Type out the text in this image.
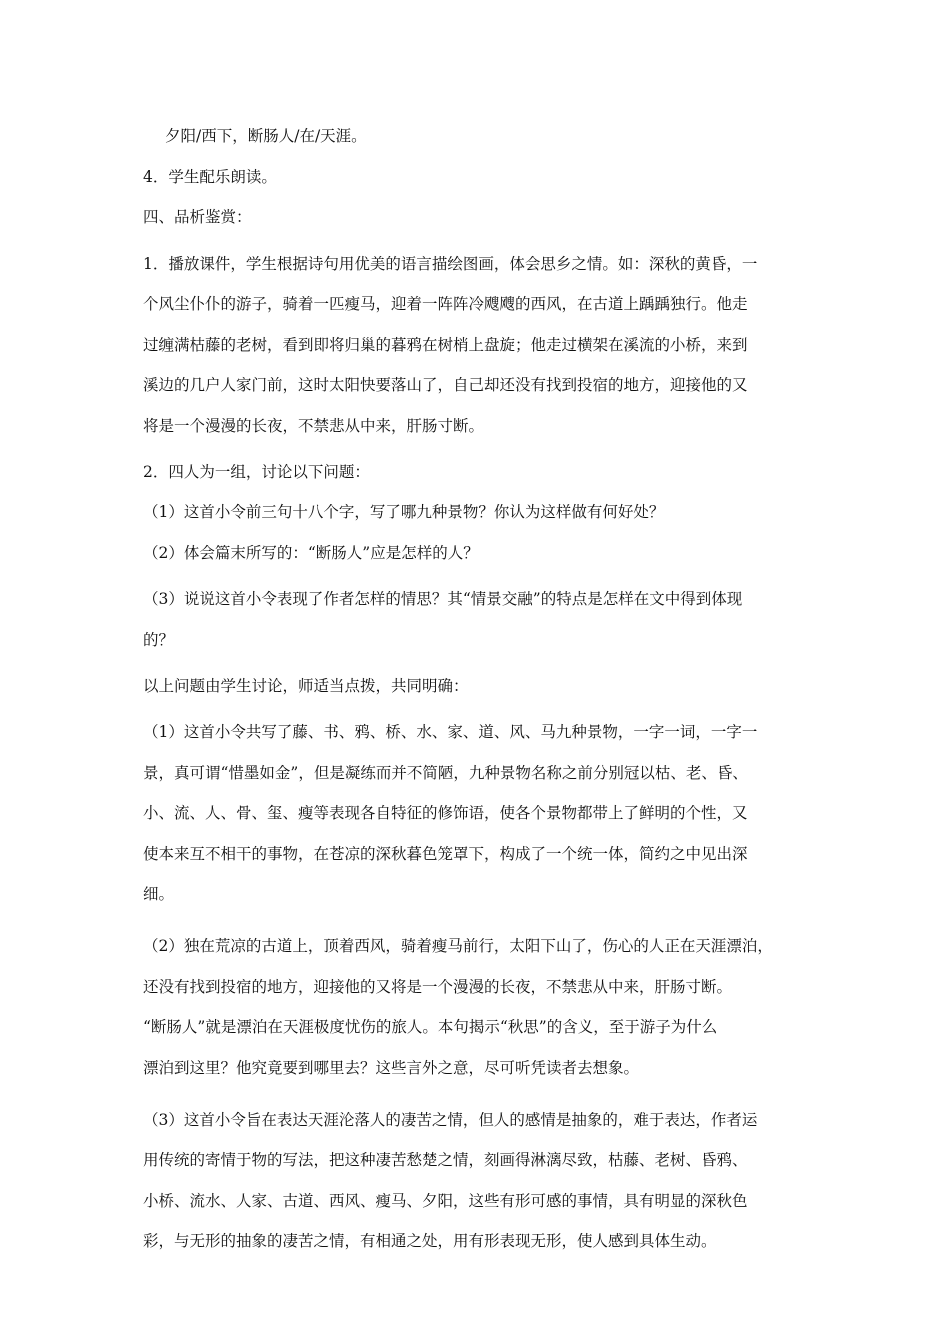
夕阳/西下，断肠人/在/天涯。
4．学生配乐朗读。
四、品析鉴赏：
1．播放课件，学生根据诗句用优美的语言描绘图画，体会思乡之情。如：深秋的黄昏，一
个风尘仆仆的游子，骑着一匹瘦马，迎着一阵阵冷飕飕的西风，在古道上踽踽独行。他走
过缠满枯藤的老树，看到即将归巢的暮鸦在树梢上盘旋；他走过横架在溪流的小桥，来到
溪边的几户人家门前，这时太阳快要落山了，自己却还没有找到投宿的地方，迎接他的又
将是一个漫漫的长夜，不禁悲从中来，肝肠寸断。
2．四人为一组，讨论以下问题：
（1）这首小令前三句十八个字，写了哪九种景物？你认为这样做有何好处？
（2）体会篇末所写的：“断肠人”应是怎样的人？
（3）说说这首小令表现了作者怎样的情思？其“情景交融”的特点是怎样在文中得到体现
的？
以上问题由学生讨论，师适当点拨，共同明确：
（1）这首小令共写了藤、书、鸦、桥、水、家、道、风、马九种景物，一字一词，一字一
景，真可谓“惜墨如金”，但是凝练而并不简陋，九种景物名称之前分别冠以枯、老、昏、
小、流、人、骨、玺、瘦等表现各自特征的修饰语，使各个景物都带上了鲜明的个性，又
使本来互不相干的事物，在苍凉的深秋暮色笼罩下，构成了一个统一体，简约之中见出深
细。
（2）独在荒凉的古道上，顶着西风，骑着瘦马前行，太阳下山了，伤心的人正在天涯漂泊，
还没有找到投宿的地方，迎接他的又将是一个漫漫的长夜，不禁悲从中来，肝肠寸断。
“断肠人”就是漂泊在天涯极度忧伤的旅人。本句揭示“秋思”的含义，至于游子为什么
漂泊到这里？他究竟要到哪里去？这些言外之意，尽可听凭读者去想象。
（3）这首小令旨在表达天涯沦落人的凄苦之情，但人的感情是抽象的，难于表达，作者运
用传统的寄情于物的写法，把这种凄苦愁楚之情，刻画得淋漓尽致，枯藤、老树、昏鸦、
小桥、流水、人家、古道、西风、瘦马、夕阳，这些有形可感的事情，具有明显的深秋色
彩，与无形的抽象的凄苦之情，有相通之处，用有形表现无形，使人感到具体生动。
